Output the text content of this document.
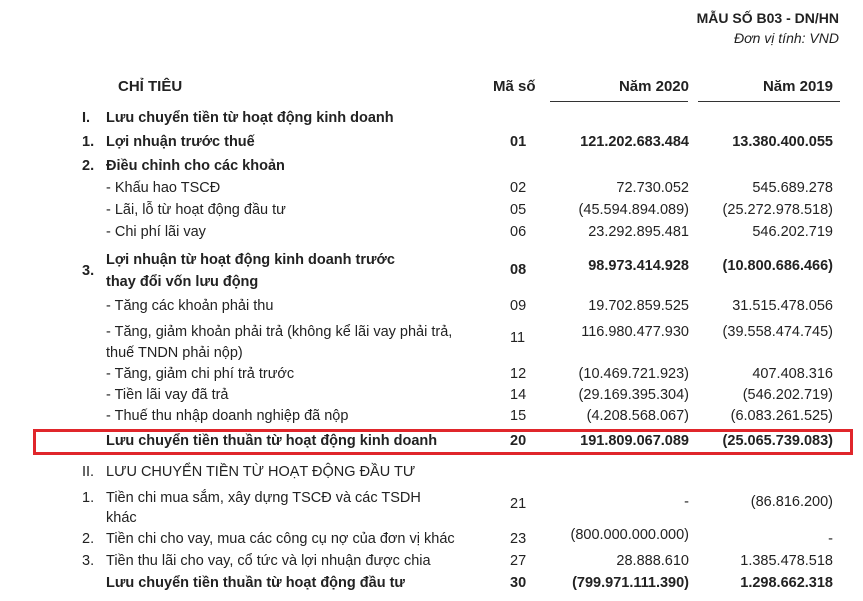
MẪU SỐ B03 - DN/HN
Đơn vị tính: VND
CHỈ TIÊU	Mã số	Năm 2020	Năm 2019
I. Lưu chuyển tiền từ hoạt động kinh doanh
1. Lợi nhuận trước thuế	01	121.202.683.484	13.380.400.055
2. Điều chỉnh cho các khoản
- Khấu hao TSCĐ	02	72.730.052	545.689.278
- Lãi, lỗ từ hoạt động đầu tư	05	(45.594.894.089) (25.272.978.518)
- Chi phí lãi vay	06	23.292.895.481	546.202.719
3.
Lợi nhuận từ hoạt động kinh doanh trước
thay đổi vốn lưu động
08	98.973.414.928 (10.800.686.466)
- Tăng các khoản phải thu	09	19.702.859.525	31.515.478.056
- Tăng, giảm khoản phải trả (không kể lãi vay phải trả,
thuế TNDN phải nộp)
11	116.980.477.930 (39.558.474.745)
- Tăng, giảm chi phí trả trước	12	(10.469.721.923)	407.408.316
- Tiền lãi vay đã trả	14	(29.169.395.304)	(546.202.719)
- Thuế thu nhập doanh nghiệp đã nộp	15	(4.208.568.067)	(6.083.261.525)
Lưu chuyển tiền thuần từ hoạt động kinh doanh	20	191.809.067.089 (25.065.739.083)
II. LƯU CHUYỂN TIỀN TỪ HOẠT ĐỘNG ĐẦU TƯ
1. Tiền chi mua sắm, xây dựng TSCĐ và các TSDH
khác
21	-	(86.816.200)
2. Tiền chi cho vay, mua các công cụ nợ của đơn vị khác	23	(800.000.000.000)	-
3. Tiền thu lãi cho vay, cổ tức và lợi nhuận được chia	27	28.888.610	1.385.478.518
Lưu chuyển tiền thuần từ hoạt động đầu tư	30	(799.971.111.390)	1.298.662.318
